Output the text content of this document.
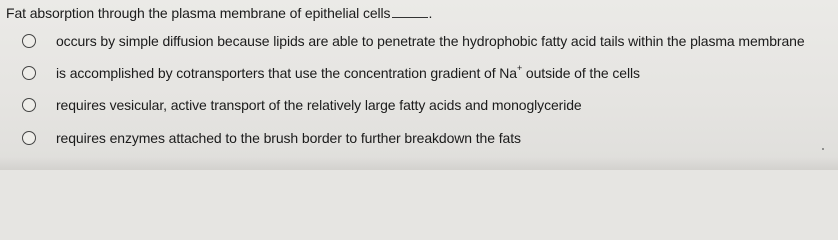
Fat absorption through the plasma membrane of epithelial cells	.
occurs by simple diffusion because lipids are able to penetrate the hydrophobic fatty acid tails within the plasma membrane
is accomplished by cotransporters that use the concentration gradient of Na+ outside of the cells
requires vesicular, active transport of the relatively large fatty acids and monoglyceride
requires enzymes attached to the brush border to further breakdown the fats
